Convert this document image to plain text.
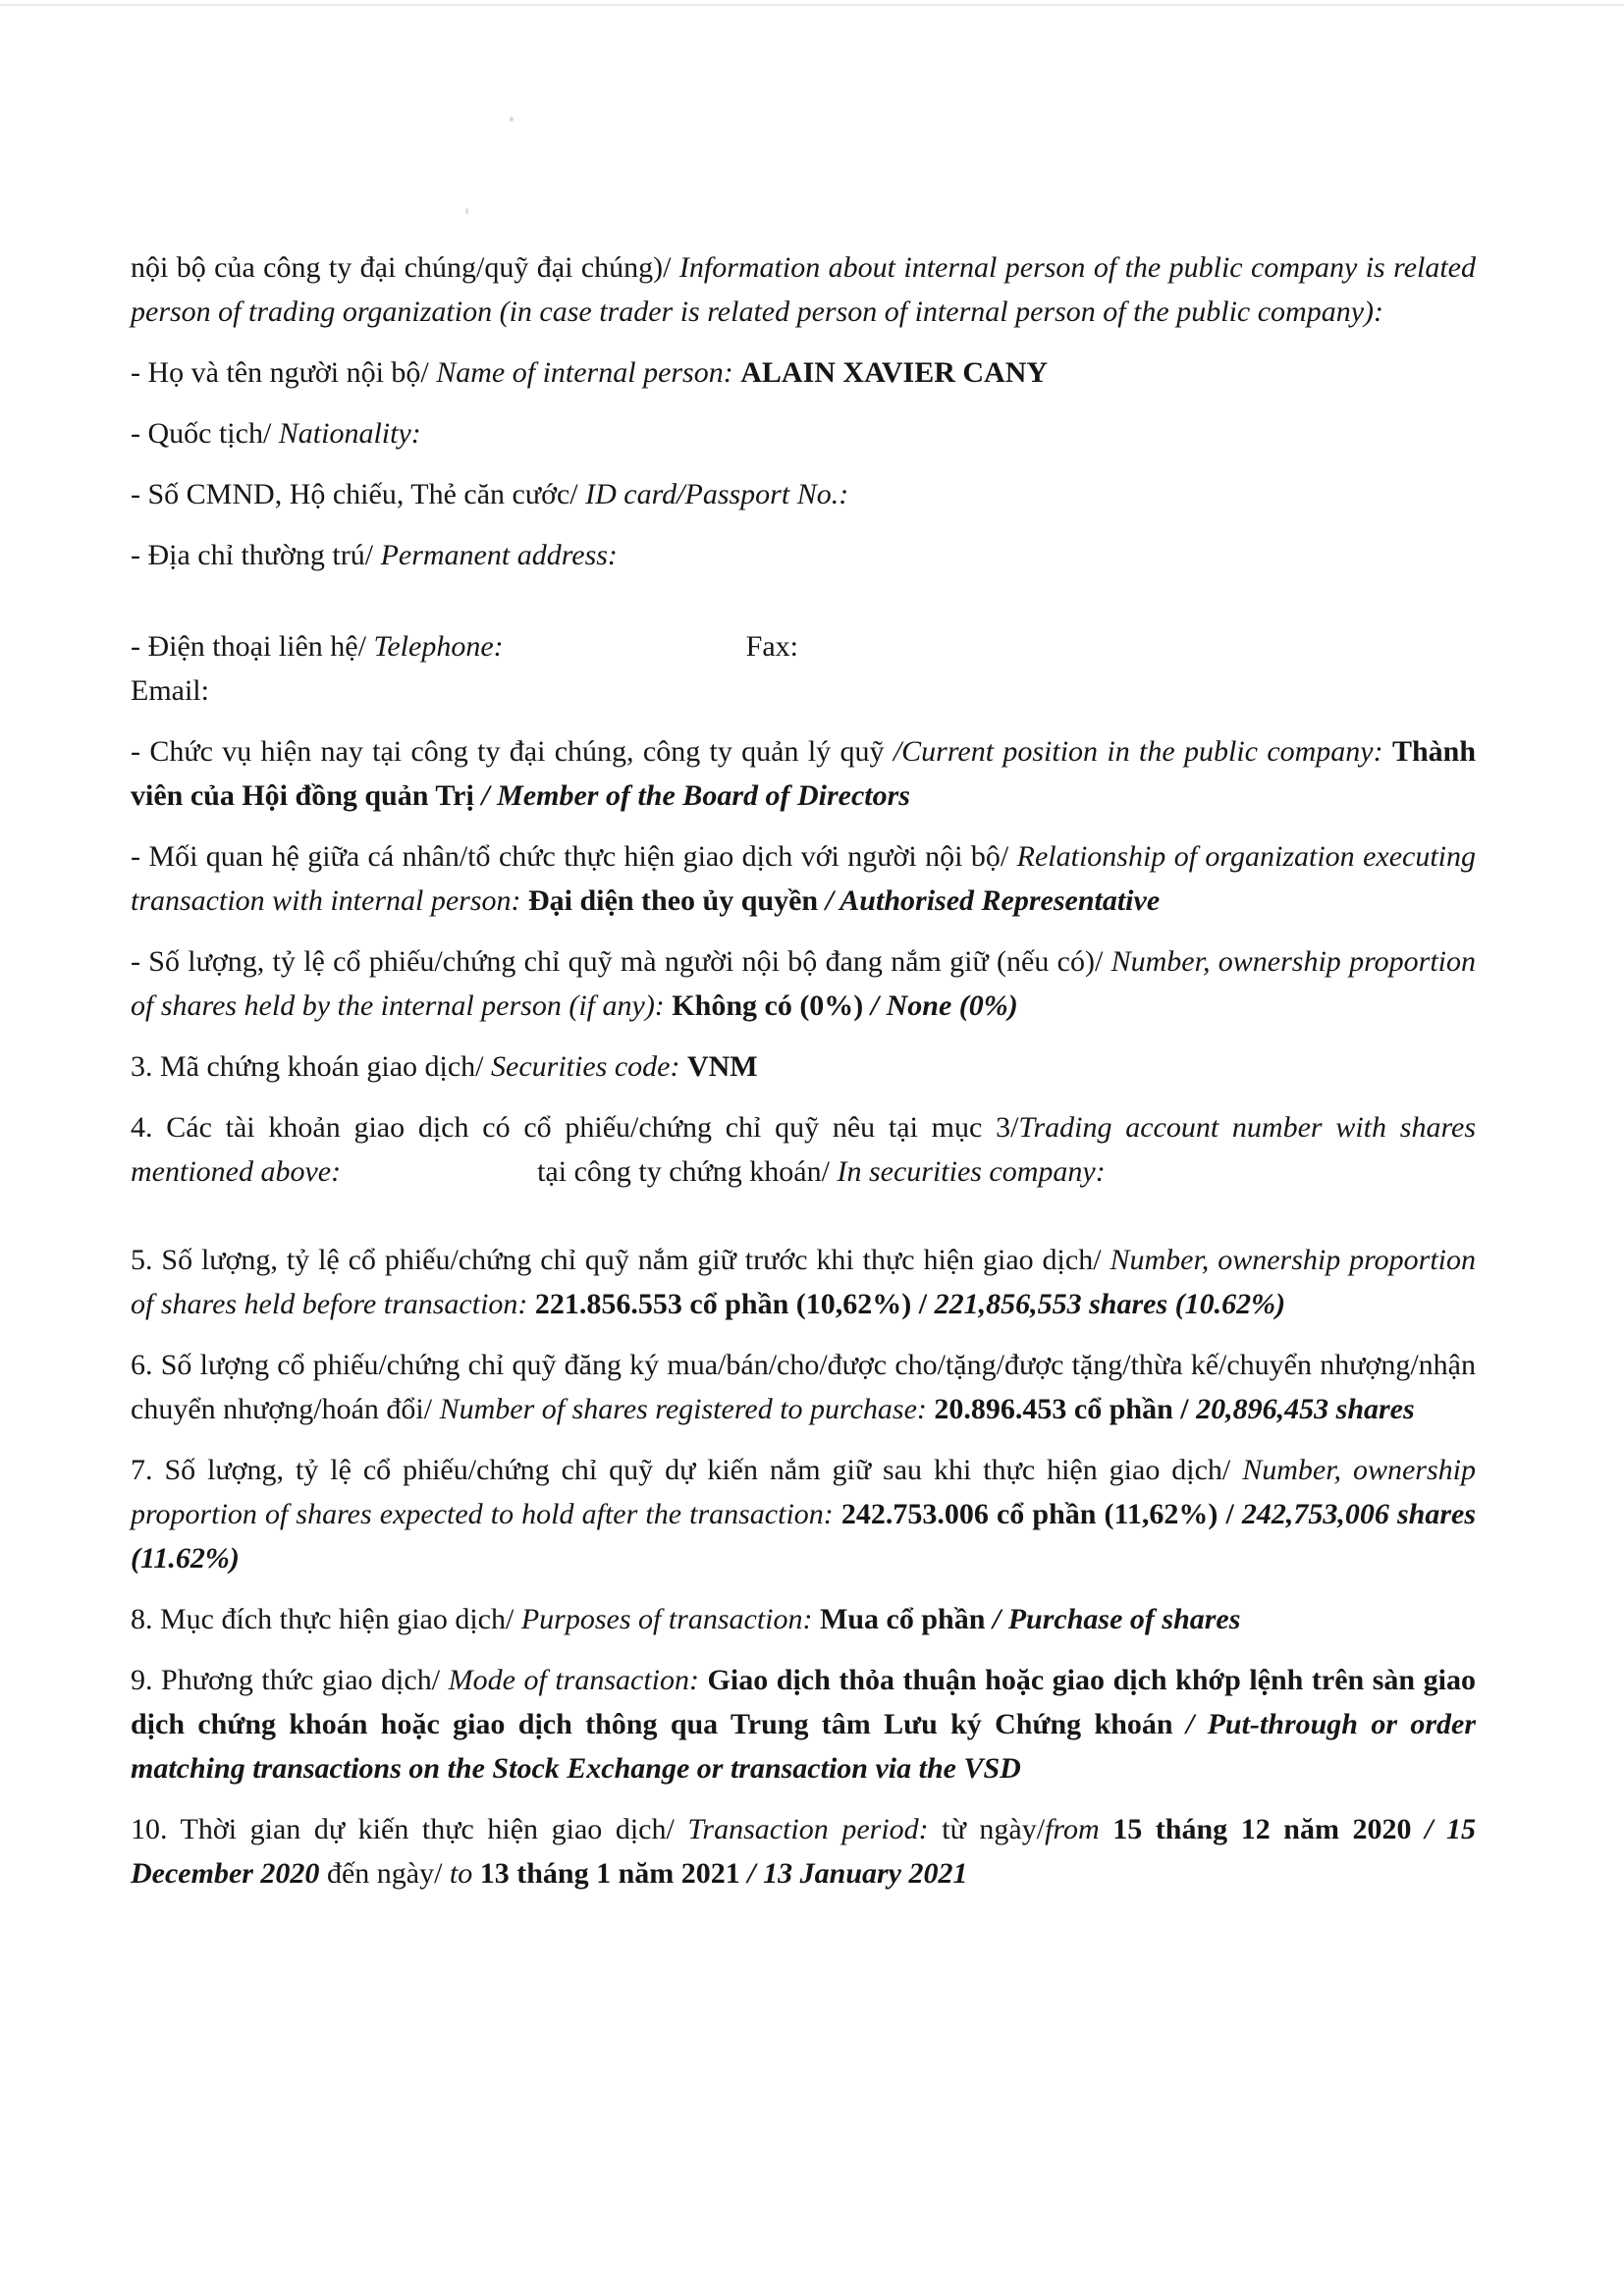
nội bộ của công ty đại chúng/quỹ đại chúng)/ Information about internal person of the public company is related person of trading organization (in case trader is related person of internal person of the public company):

- Họ và tên người nội bộ/ Name of internal person: ALAIN XAVIER CANY

- Quốc tịch/ Nationality:

- Số CMND, Hộ chiếu, Thẻ căn cước/ ID card/Passport No.:

- Địa chỉ thường trú/ Permanent address:

- Điện thoại liên hệ/ Telephone:	Fax:
Email:

- Chức vụ hiện nay tại công ty đại chúng, công ty quản lý quỹ /Current position in the public company: Thành viên của Hội đồng quản Trị / Member of the Board of Directors

- Mối quan hệ giữa cá nhân/tổ chức thực hiện giao dịch với người nội bộ/ Relationship of organization executing transaction with internal person: Đại diện theo ủy quyền / Authorised Representative

- Số lượng, tỷ lệ cổ phiếu/chứng chỉ quỹ mà người nội bộ đang nắm giữ (nếu có)/ Number, ownership proportion of shares held by the internal person (if any): Không có (0%) / None (0%)

3. Mã chứng khoán giao dịch/ Securities code: VNM

4. Các tài khoản giao dịch có cổ phiếu/chứng chỉ quỹ nêu tại mục 3/Trading account number with shares mentioned above:	tại công ty chứng khoán/ In securities company:

5. Số lượng, tỷ lệ cổ phiếu/chứng chỉ quỹ nắm giữ trước khi thực hiện giao dịch/ Number, ownership proportion of shares held before transaction: 221.856.553 cổ phần (10,62%) / 221,856,553 shares (10.62%)

6. Số lượng cổ phiếu/chứng chỉ quỹ đăng ký mua/bán/cho/được cho/tặng/được tặng/thừa kế/chuyển nhượng/nhận chuyển nhượng/hoán đổi/ Number of shares registered to purchase: 20.896.453 cổ phần / 20,896,453 shares

7. Số lượng, tỷ lệ cổ phiếu/chứng chỉ quỹ dự kiến nắm giữ sau khi thực hiện giao dịch/ Number, ownership proportion of shares expected to hold after the transaction: 242.753.006 cổ phần (11,62%) / 242,753,006 shares (11.62%)

8. Mục đích thực hiện giao dịch/ Purposes of transaction: Mua cổ phần / Purchase of shares

9. Phương thức giao dịch/ Mode of transaction: Giao dịch thỏa thuận hoặc giao dịch khớp lệnh trên sàn giao dịch chứng khoán hoặc giao dịch thông qua Trung tâm Lưu ký Chứng khoán / Put-through or order matching transactions on the Stock Exchange or transaction via the VSD

10. Thời gian dự kiến thực hiện giao dịch/ Transaction period: từ ngày/from 15 tháng 12 năm 2020 / 15 December 2020 đến ngày/ to 13 tháng 1 năm 2021 / 13 January 2021
